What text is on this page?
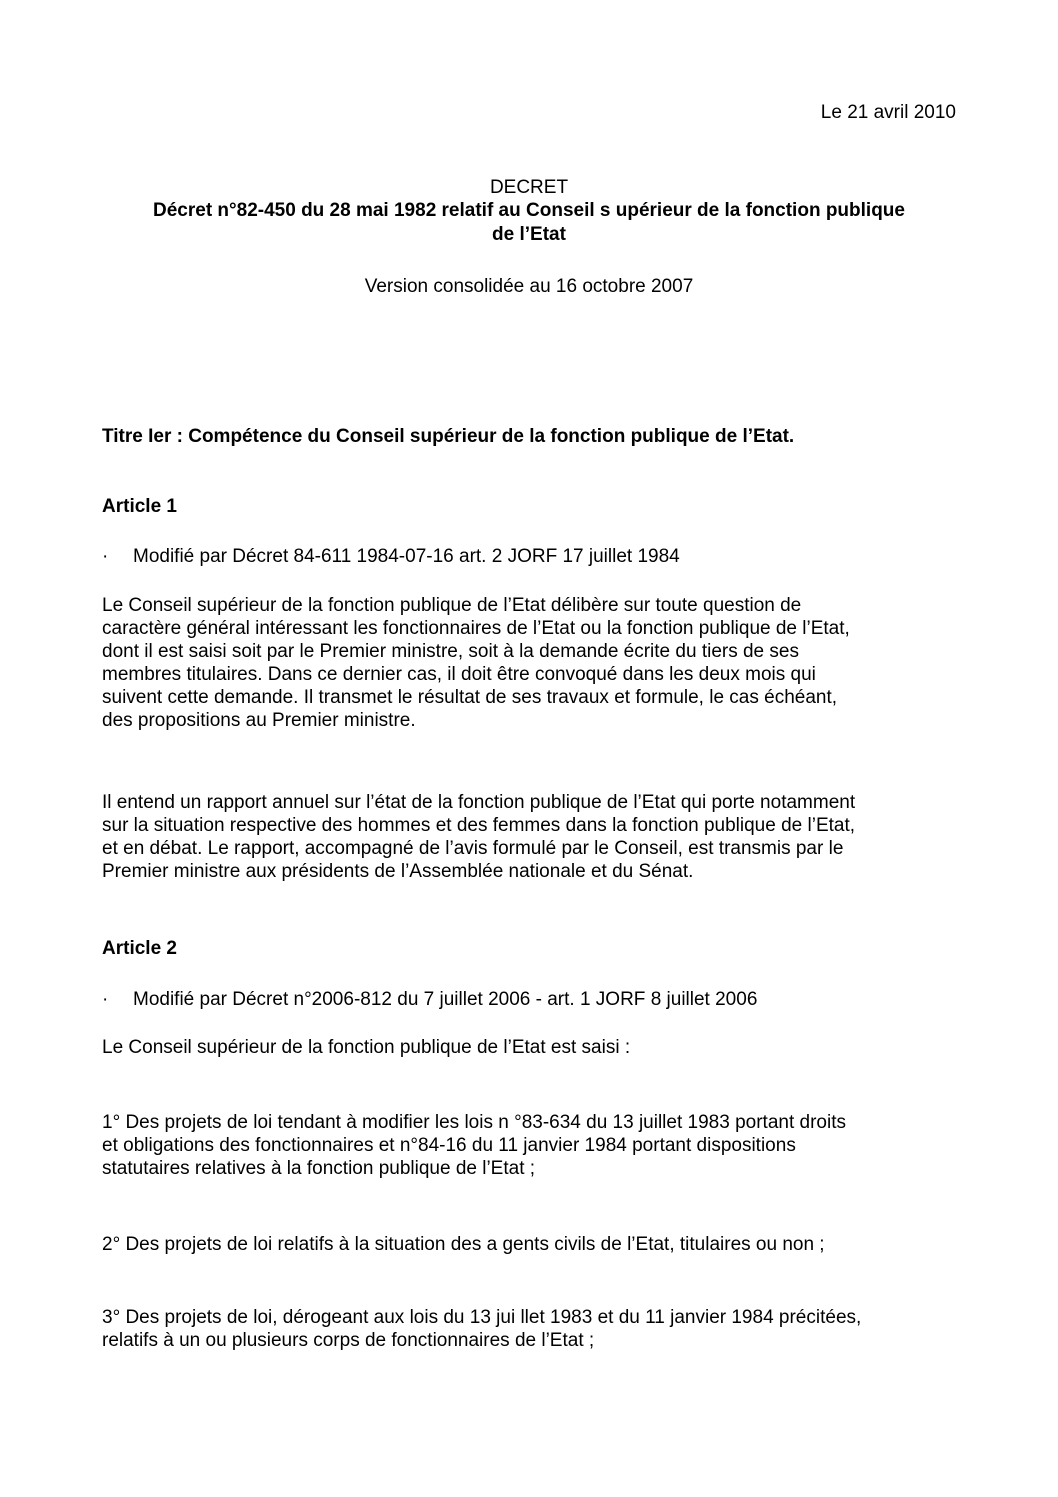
Le 21 avril 2010
DECRET
Décret n°82-450 du 28 mai 1982 relatif au Conseil s upérieur de la fonction publique
de l’Etat
Version consolidée au 16 octobre 2007
Titre Ier : Compétence du Conseil supérieur de la fonction publique de l’Etat.
Article 1
· Modifié par Décret 84-611 1984-07-16 art. 2 JORF 17 juillet 1984
Le Conseil supérieur de la fonction publique de l’Etat délibère sur toute question de
caractère général intéressant les fonctionnaires de l’Etat ou la fonction publique de l’Etat,
dont il est saisi soit par le Premier ministre, soit à la demande écrite du tiers de ses
membres titulaires. Dans ce dernier cas, il doit être convoqué dans les deux mois qui
suivent cette demande. Il transmet le résultat de ses travaux et formule, le cas échéant,
des propositions au Premier ministre.
Il entend un rapport annuel sur l’état de la fonction publique de l’Etat qui porte notamment
sur la situation respective des hommes et des femmes dans la fonction publique de l’Etat,
et en débat. Le rapport, accompagné de l’avis formulé par le Conseil, est transmis par le
Premier ministre aux présidents de l’Assemblée nationale et du Sénat.
Article 2
· Modifié par Décret n°2006-812 du 7 juillet 2006 - art. 1 JORF 8 juillet 2006
Le Conseil supérieur de la fonction publique de l’Etat est saisi :
1° Des projets de loi tendant à modifier les lois n °83-634 du 13 juillet 1983 portant droits
et obligations des fonctionnaires et n°84-16 du 11 janvier 1984 portant dispositions
statutaires relatives à la fonction publique de l’Etat ;
2° Des projets de loi relatifs à la situation des a gents civils de l’Etat, titulaires ou non ;
3° Des projets de loi, dérogeant aux lois du 13 jui llet 1983 et du 11 janvier 1984 précitées,
relatifs à un ou plusieurs corps de fonctionnaires de l’Etat ;
